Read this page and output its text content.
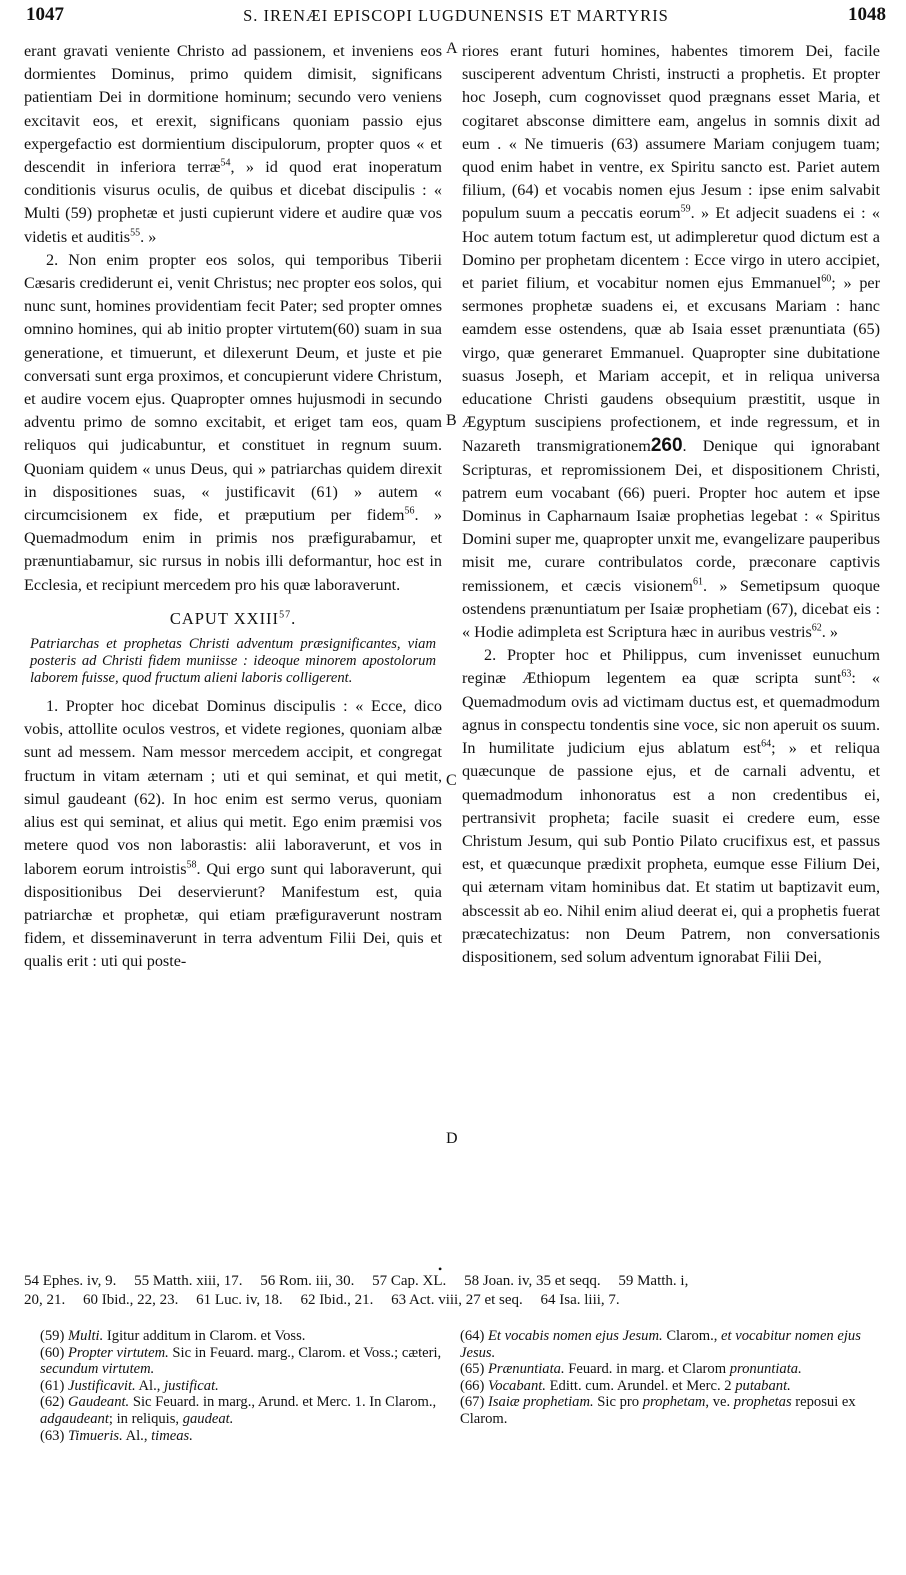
1047	S. IRENÆI EPISCOPI LUGDUNENSIS ET MARTYRIS	1048

erant gravati veniente Christo ad passionem, et inveniens eos dormientes Dominus, primo quidem dimisit, significans patientiam Dei in dormitione hominum; secundo vero veniens excitavit eos, et erexit, significans quoniam passio ejus expergefactio est dormientium discipulorum, propter quos « et descendit in inferiora terræ$^{54}$, » id quod erat inoperatum conditionis visurus oculis, de quibus et dicebat discipulis : « Multi (59) prophetæ et justi cupierunt videre et audire quæ vos videtis et auditis$^{55}$. »

2. Non enim propter eos solos, qui temporibus Tiberii Cæsaris crediderunt ei, venit Christus; nec propter eos solos, qui nunc sunt, homines providentiam fecit Pater; sed propter omnes omnino homines, qui ab initio propter virtutem(60) suam in sua generatione, et timuerunt, et dilexerunt Deum, et juste et pie conversati sunt erga proximos, et concupierunt videre Christum, et audire vocem ejus. Quapropter omnes hujusmodi in secundo adventu primo de somno excitabit, et eriget tam eos, quam reliquos qui judicabuntur, et constituet in regnum suum. Quoniam quidem « unus Deus, qui » patriarchas quidem direxit in dispositiones suas, « justificavit (61) » autem « circumcisionem ex fide, et præputium per fidem$^{56}$. » Quemadmodum enim in primis nos præfigurabamur, et prænuntiabamur, sic rursus in nobis illi deformantur, hoc est in Ecclesia, et recipiunt mercedem pro his quæ laboraverunt.

CAPUT XXIII$^{57}$.
Patriarchas et prophetas Christi adventum præsignificantes, viam posteris ad Christi fidem muniisse : ideoque minorem apostolorum laborem fuisse, quod fructum alieni laboris colligerent.

1. Propter hoc dicebat Dominus discipulis : « Ecce, dico vobis, attollite oculos vestros, et videte regiones, quoniam albæ sunt ad messem. Nam messor mercedem accipit, et congregat fructum in vitam æternam ; uti et qui seminat, et qui metit, simul gaudeant (62). In hoc enim est sermo verus, quoniam alius est qui seminat, et alius qui metit. Ego enim præmisi vos metere quod vos non laborastis: alii laboraverunt, et vos in laborem eorum introistis$^{58}$. Qui ergo sunt qui laboraverunt, qui dispositionibus Dei deservierunt? Manifestum est, quia patriarchæ et prophetæ, qui etiam præfiguraverunt nostram fidem, et disseminaverunt in terra adventum Filii Dei, quis et qualis erit : uti qui poste-

A
B
C
D

riores erant futuri homines, habentes timorem Dei, facile susciperent adventum Christi, instructi a prophetis. Et propter hoc Joseph, cum cognovisset quod prægnans esset Maria, et cogitaret absconse dimittere eam, angelus in somnis dixit ad eum . « Ne timueris (63) assumere Mariam conjugem tuam; quod enim habet in ventre, ex Spiritu sancto est. Pariet autem filium, (64) et vocabis nomen ejus Jesum : ipse enim salvabit populum suum a peccatis eorum$^{59}$. » Et adjecit suadens ei : « Hoc autem totum factum est, ut adimpleretur quod dictum est a Domino per prophetam dicentem : Ecce virgo in utero accipiet, et pariet filium, et vocabitur nomen ejus Emmanuel$^{60}$; » per sermones prophetæ suadens ei, et excusans Mariam : hanc eamdem esse ostendens, quæ ab Isaia esset prænuntiata (65) virgo, quæ generaret Emmanuel. Quapropter sine dubitatione suasus Joseph, et Mariam accepit, et in reliqua universa educatione Christi gaudens obsequium præstitit, usque in Ægyptum suscipiens profectionem, et inde regressum, et in Nazareth transmigrationem260. Denique qui ignorabant Scripturas, et repromissionem Dei, et dispositionem Christi, patrem eum vocabant (66) pueri. Propter hoc autem et ipse Dominus in Capharnaum Isaiæ prophetias legebat : « Spiritus Domini super me, quapropter unxit me, evangelizare pauperibus misit me, curare contribulatos corde, præconare captivis remissionem, et cæcis visionem$^{61}$. » Semetipsum quoque ostendens prænuntiatum per Isaiæ prophetiam (67), dicebat eis : « Hodie adimpleta est Scriptura hæc in auribus vestris$^{62}$. »

2. Propter hoc et Philippus, cum invenisset eunuchum reginæ Æthiopum legentem ea quæ scripta sunt$^{63}$: « Quemadmodum ovis ad victimam ductus est, et quemadmodum agnus in conspectu tondentis sine voce, sic non aperuit os suum. In humilitate judicium ejus ablatum est$^{64}$; » et reliqua quæcunque de passione ejus, et de carnali adventu, et quemadmodum inhonoratus est a non credentibus ei, pertransivit propheta; facile suasit ei credere eum, esse Christum Jesum, qui sub Pontio Pilato crucifixus est, et passus est, et quæcunque prædixit propheta, eumque esse Filium Dei, qui æternam vitam hominibus dat. Et statim ut baptizavit eum, abscessit ab eo. Nihil enim aliud deerat ei, qui a prophetis fuerat præcatechizatus: non Deum Patrem, non conversationis dispositionem, sed solum adventum ignorabat Filii Dei,

•
54 Ephes. iv, 9. 55 Matth. xiii, 17. 56 Rom. iii, 30. 57 Cap. XL. 58 Joan. iv, 35 et seqq. 59 Matth. i,
20, 21. 60 Ibid., 22, 23. 61 Luc. iv, 18. 62 Ibid., 21. 63 Act. viii, 27 et seq. 64 Isa. liii, 7.

(59) Multi. Igitur additum in Clarom. et Voss.

(60) Propter virtutem. Sic in Feuard. marg., Clarom. et Voss.; cæteri, secundum virtutem.

(61) Justificavit. Al., justificat.

(62) Gaudeant. Sic Feuard. in marg., Arund. et Merc. 1. In Clarom., adgaudeant; in reliquis, gaudeat.

(63) Timueris. Al., timeas.

(64) Et vocabis nomen ejus Jesum. Clarom., et vocabitur nomen ejus Jesus.

(65) Prænuntiata. Feuard. in marg. et Clarom pronuntiata.

(66) Vocabant. Editt. cum. Arundel. et Merc. 2 putabant.

(67) Isaiæ prophetiam. Sic pro prophetam, ve. prophetas reposui ex Clarom.
